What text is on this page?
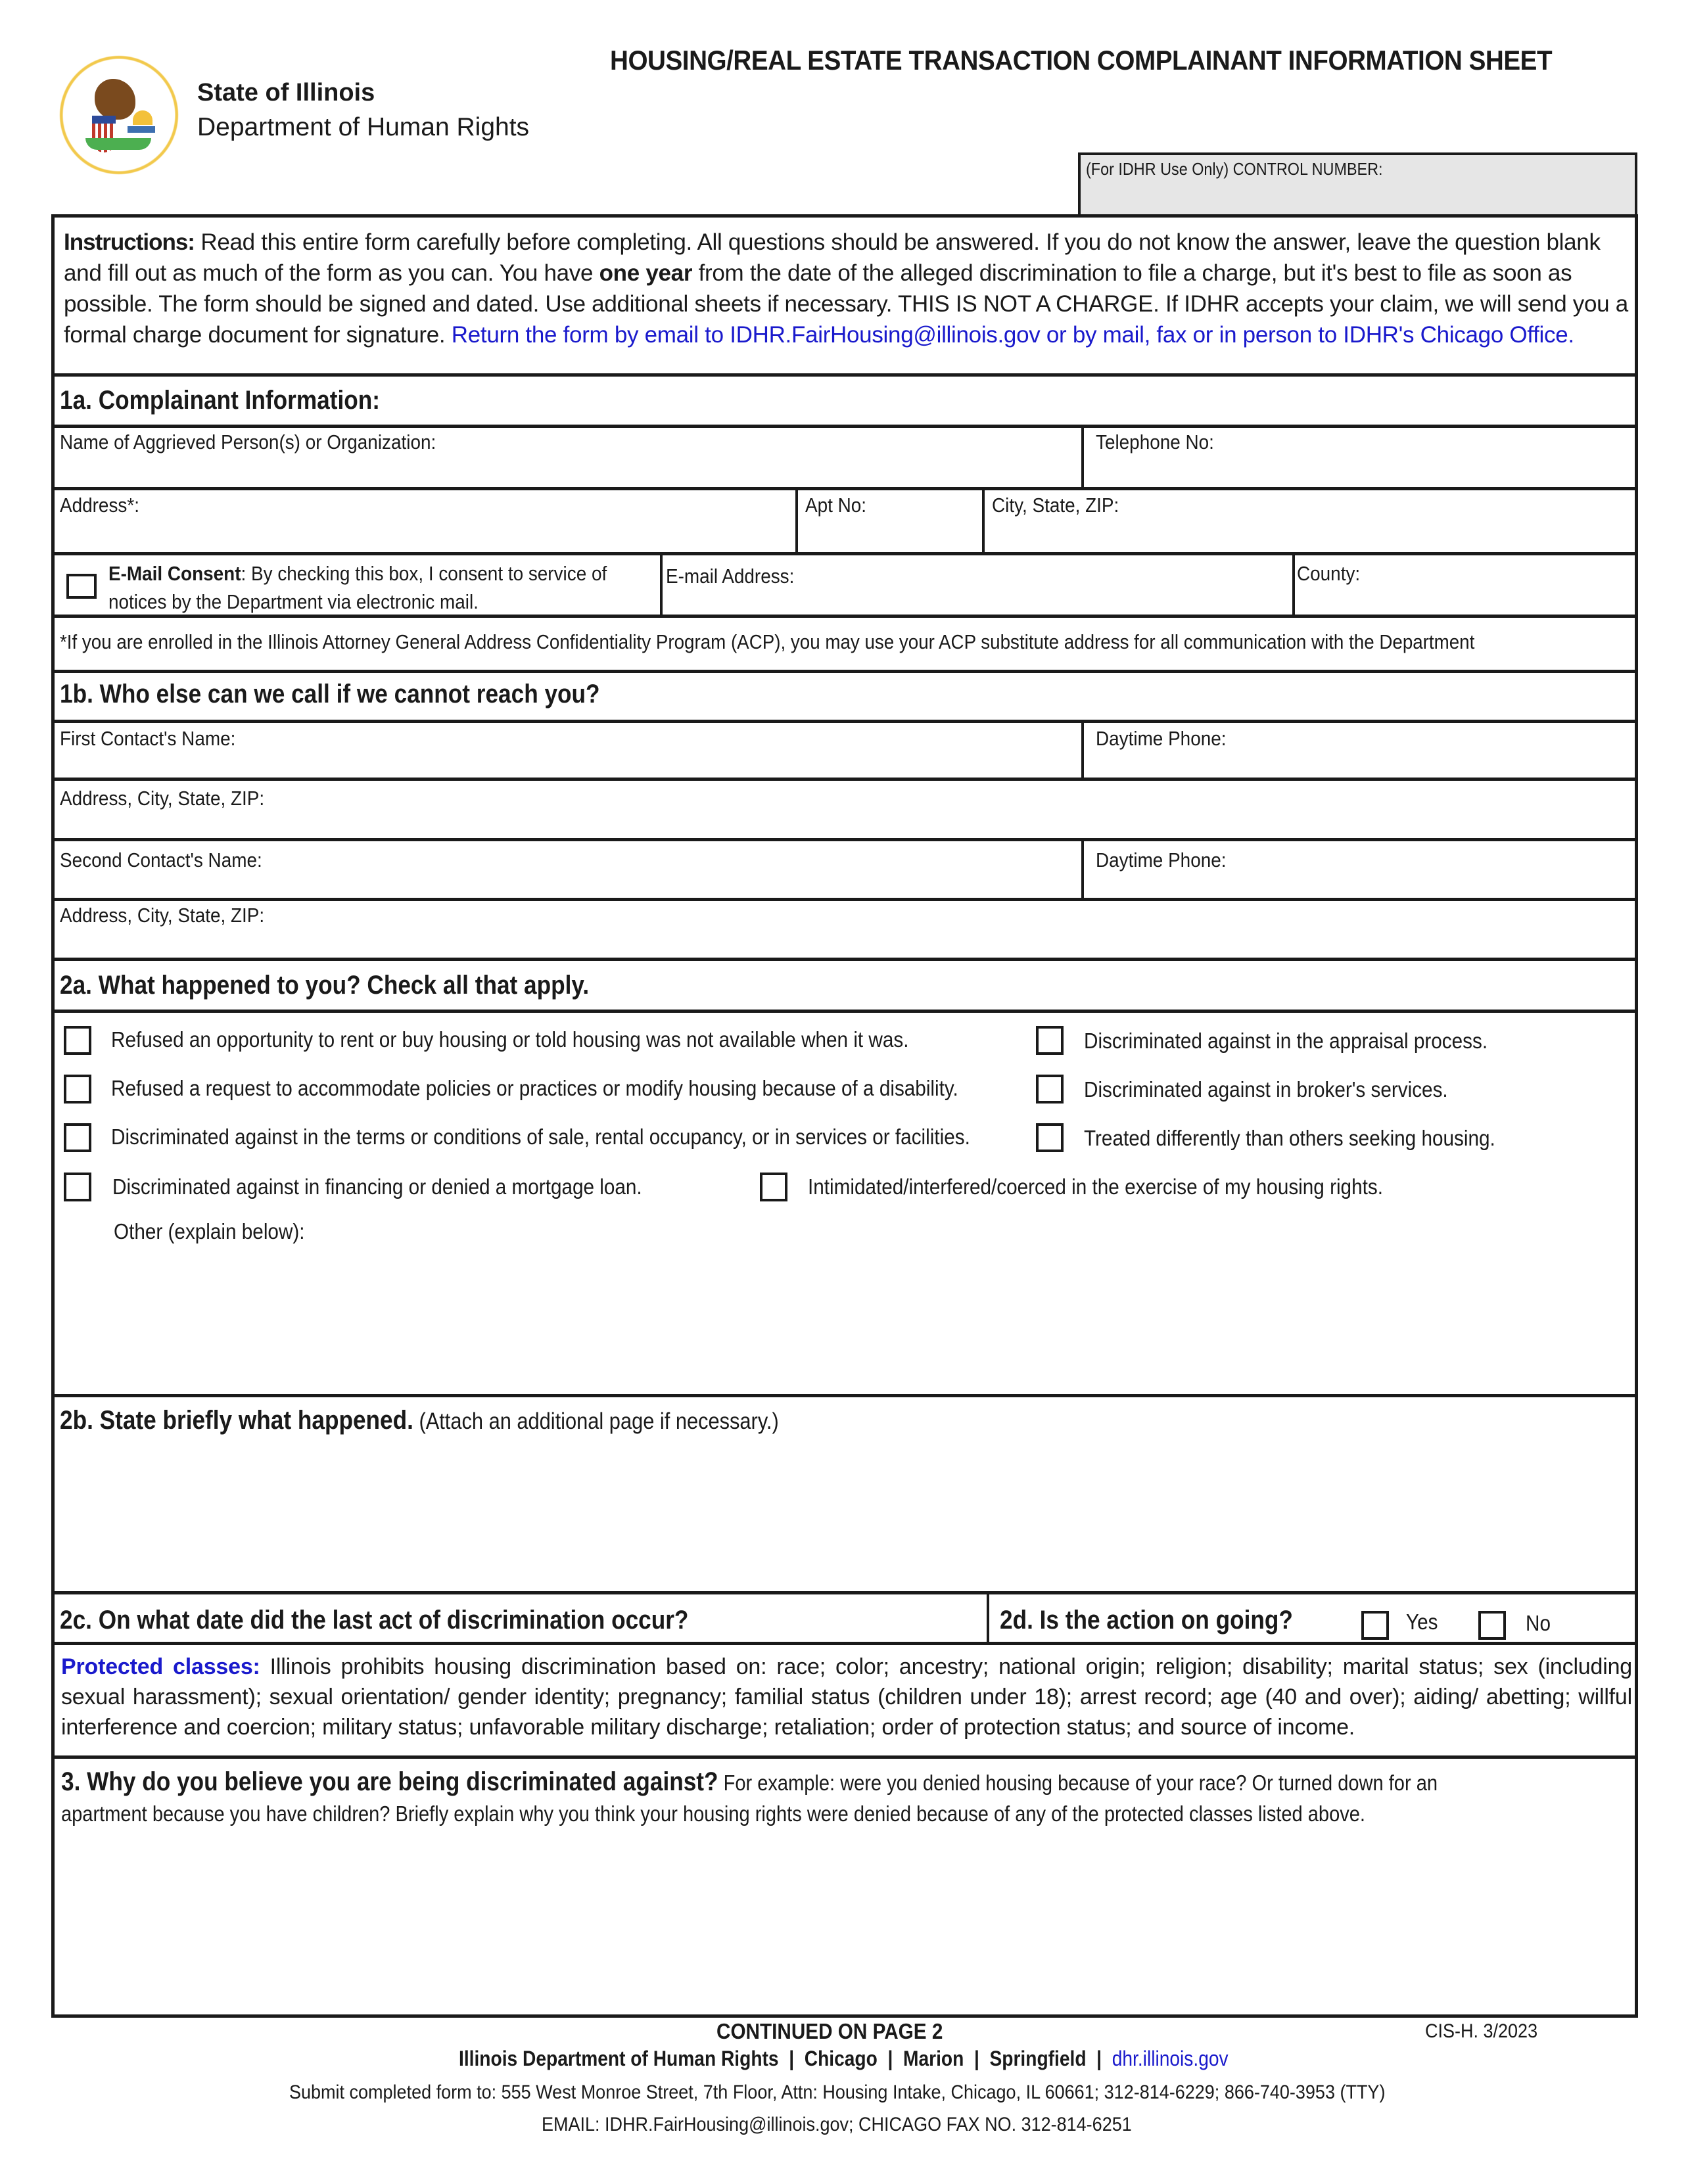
State of Illinois
Department of Human Rights
HOUSING/REAL ESTATE TRANSACTION COMPLAINANT INFORMATION SHEET
(For IDHR Use Only) CONTROL NUMBER:
Instructions: Read this entire form carefully before completing. All questions should be answered. If you do not know the answer, leave the question blank and fill out as much of the form as you can. You have one year from the date of the alleged discrimination to file a charge, but it's best to file as soon as possible. The form should be signed and dated. Use additional sheets if necessary. THIS IS NOT A CHARGE. If IDHR accepts your claim, we will send you a formal charge document for signature. Return the form by email to IDHR.FairHousing@illinois.gov or by mail, fax or in person to IDHR's Chicago Office.
1a. Complainant Information:
Name of Aggrieved Person(s) or Organization:	Telephone No:
Address*:	Apt No:	City, State, ZIP:
E-Mail Consent: By checking this box, I consent to service of
notices by the Department via electronic mail.
E-mail Address:	County:
*If you are enrolled in the Illinois Attorney General Address Confidentiality Program (ACP), you may use your ACP substitute address for all communication with the Department
1b. Who else can we call if we cannot reach you?
First Contact's Name:	Daytime Phone:
Address, City, State, ZIP:
Second Contact's Name:	Daytime Phone:
Address, City, State, ZIP:
2a. What happened to you? Check all that apply.
Refused an opportunity to rent or buy housing or told housing was not available when it was.
Refused a request to accommodate policies or practices or modify housing because of a disability.
Discriminated against in the terms or conditions of sale, rental occupancy, or in services or facilities.
Discriminated against in financing or denied a mortgage loan.
Discriminated against in the appraisal process.
Discriminated against in broker's services.
Treated differently than others seeking housing.
Intimidated/interfered/coerced in the exercise of my housing rights.
Other (explain below):
2b. State briefly what happened. (Attach an additional page if necessary.)
2c. On what date did the last act of discrimination occur?	2d. Is the action on going?	Yes	No
Protected classes: Illinois prohibits housing discrimination based on: race; color; ancestry; national origin; religion; disability; marital status; sex (including sexual harassment); sexual orientation/ gender identity; pregnancy; familial status (children under 18); arrest record; age (40 and over); aiding/ abetting; willful interference and coercion; military status; unfavorable military discharge; retaliation; order of protection status; and source of income.
3. Why do you believe you are being discriminated against? For example: were you denied housing because of your race? Or turned down for an
apartment because you have children? Briefly explain why you think your housing rights were denied because of any of the protected classes listed above.
CONTINUED ON PAGE 2	CIS-H. 3/2023
Illinois Department of Human Rights  |  Chicago  |  Marion  |  Springfield  |  dhr.illinois.gov
Submit completed form to: 555 West Monroe Street, 7th Floor, Attn: Housing Intake, Chicago, IL 60661; 312-814-6229; 866-740-3953 (TTY)
EMAIL: IDHR.FairHousing@illinois.gov; CHICAGO FAX NO. 312-814-6251
